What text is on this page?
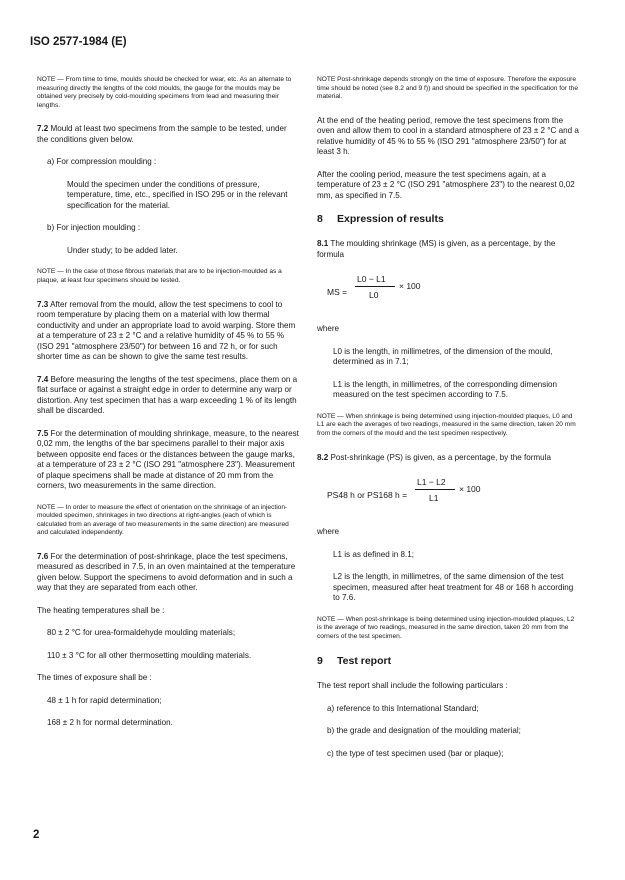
ISO 2577-1984 (E)

NOTE — From time to time, moulds should be checked for wear, etc. As an alternate to measuring directly the lengths of the cold moulds, the gauge for the moulds may be obtained very precisely by cold-moulding specimens from lead and measuring their lengths.

7.2 Mould at least two specimens from the sample to be tested, under the conditions given below.

a) For compression moulding :

Mould the specimen under the conditions of pressure, temperature, time, etc., specified in ISO 295 or in the relevant specification for the material.

b) For injection moulding :

Under study; to be added later.

NOTE — In the case of those fibrous materials that are to be injection-moulded as a plaque, at least four specimens should be tested.

7.3 After removal from the mould, allow the test specimens to cool to room temperature by placing them on a material with low thermal conductivity and under an appropriate load to avoid warping. Store them at a temperature of 23 ± 2 °C and a relative humidity of 45 % to 55 % (ISO 291 "atmosphere 23/50") for between 16 and 72 h, or for such shorter time as can be shown to give the same test results.

7.4 Before measuring the lengths of the test specimens, place them on a flat surface or against a straight edge in order to determine any warp or distortion. Any test specimen that has a warp exceeding 1 % of its length shall be discarded.

7.5 For the determination of moulding shrinkage, measure, to the nearest 0,02 mm, the lengths of the bar specimens parallel to their major axis between opposite end faces or the distances between the gauge marks, at a temperature of 23 ± 2 °C (ISO 291 "atmosphere 23"). Measurement of plaque specimens shall be made at distance of 20 mm from the corners, two measurements in the same direction.

NOTE — In order to measure the effect of orientation on the shrinkage of an injection-moulded specimen, shrinkages in two directions at right-angles (each of which is calculated from an average of two measurements in the same direction) are measured and calculated independently.

7.6 For the determination of post-shrinkage, place the test specimens, measured as described in 7.5, in an oven maintained at the temperature given below. Support the specimens to avoid deformation and in such a way that they are separated from each other.

The heating temperatures shall be :

80 ± 2 °C for urea-formaldehyde moulding materials;

110 ± 3 °C for all other thermosetting moulding materials.

The times of exposure shall be :

48 ± 1 h for rapid determination;

168 ± 2 h for normal determination.

NOTE Post-shrinkage depends strongly on the time of exposure. Therefore the exposure time should be noted (see 8.2 and 9 f)) and should be specified in the specification for the material.

At the end of the heating period, remove the test specimens from the oven and allow them to cool in a standard atmosphere of 23 ± 2 °C and a relative humidity of 45 % to 55 % (ISO 291 "atmosphere 23/50") for at least 3 h.

After the cooling period, measure the test specimens again, at a temperature of 23 ± 2 °C (ISO 291 "atmosphere 23") to the nearest 0,02 mm, as specified in 7.5.

8 Expression of results

8.1 The moulding shrinkage (MS) is given, as a percentage, by the formula

MS =
L0 − L1
L0
× 100

where

L0 is the length, in millimetres, of the dimension of the mould, determined as in 7.1;

L1 is the length, in millimetres, of the corresponding dimension measured on the test specimen according to 7.5.

NOTE — When shrinkage is being determined using injection-moulded plaques, L0 and L1 are each the averages of two readings, measured in the same direction, taken 20 mm from the corners of the mould and the test specimen respectively.

8.2 Post-shrinkage (PS) is given, as a percentage, by the formula

PS48 h or PS168 h =
L1 − L2
L1
× 100

where

L1 is as defined in 8.1;

L2 is the length, in millimetres, of the same dimension of the test specimen, measured after heat treatment for 48 or 168 h according to 7.6.

NOTE — When post-shrinkage is being determined using injection-moulded plaques, L2 is the average of two readings, measured in the same direction, taken 20 mm from the corners of the test specimen.

9 Test report

The test report shall include the following particulars :

a) reference to this International Standard;

b) the grade and designation of the moulding material;

c) the type of test specimen used (bar or plaque);

2
